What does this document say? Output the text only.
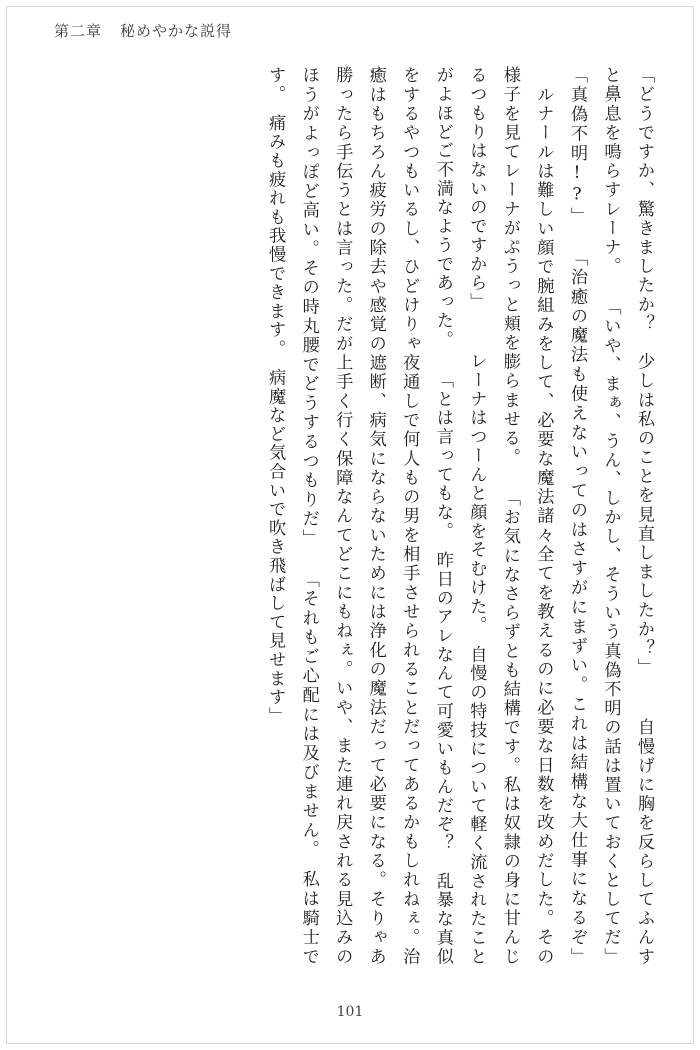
第二章 秘めやかな説得

「どうですか、驚きましたか？　少しは私のことを見直しましたか？」 　自慢げに胸を反らしてふんすと鼻息を鳴らすレーナ。 「いや、まぁ、うん、しかし、そういう真偽不明の話は置いておくとしてだ」 「真偽不明!?」 「治癒の魔法も使えないってのはさすがにまずい。これは結構な大仕事になるぞ」 　ルナールは難しい顔で腕組みをして、必要な魔法諸々全てを教えるのに必要な日数を改めだした。その様子を見てレーナがぷうっと頬を膨らませる。 「お気になさらずとも結構です。私は奴隷の身に甘んじるつもりはないのですから」 　レーナはつーんと顔をそむけた。　自慢の特技について軽く流されたことがよほどご不満なようであった。 「とは言ってもな。　昨日のアレなんて可愛いもんだぞ？　乱暴な真似をするやつもいるし、ひどけりゃ夜通しで何人もの男を相手させられることだってあるかもしれねぇ。治癒はもちろん疲労の除去や感覚の遮断、病気にならないためには浄化の魔法だって必要になる。そりゃあ勝ったら手伝うとは言った。だが上手く行く保障なんてどこにもねぇ。いや、また連れ戻される見込みのほうがよっぽど高い。その時丸腰でどうするつもりだ」 「それもご心配には及びません。　私は騎士です。　痛みも疲れも我慢できます。　病魔など気合いで吹き飛ばして見せます」

101
